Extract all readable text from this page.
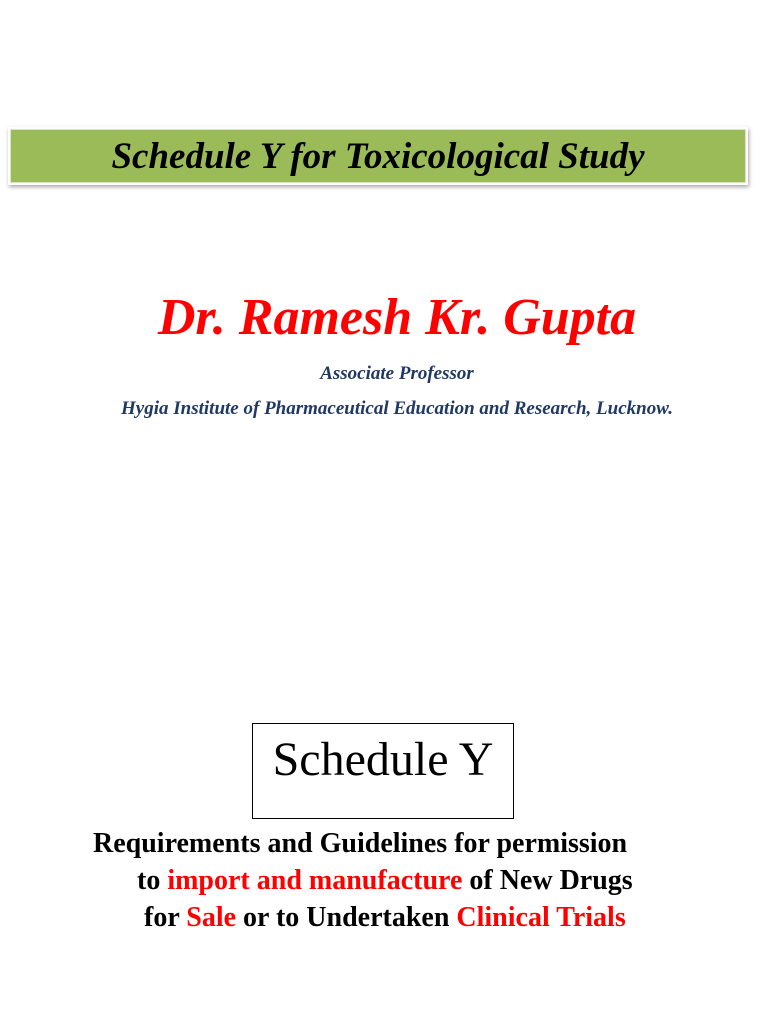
Schedule Y for Toxicological Study
Dr. Ramesh Kr. Gupta
Associate Professor
Hygia Institute of Pharmaceutical Education and Research, Lucknow.
Schedule Y
Requirements and Guidelines for permission
to import and manufacture of New Drugs
for Sale or to Undertaken Clinical Trials
